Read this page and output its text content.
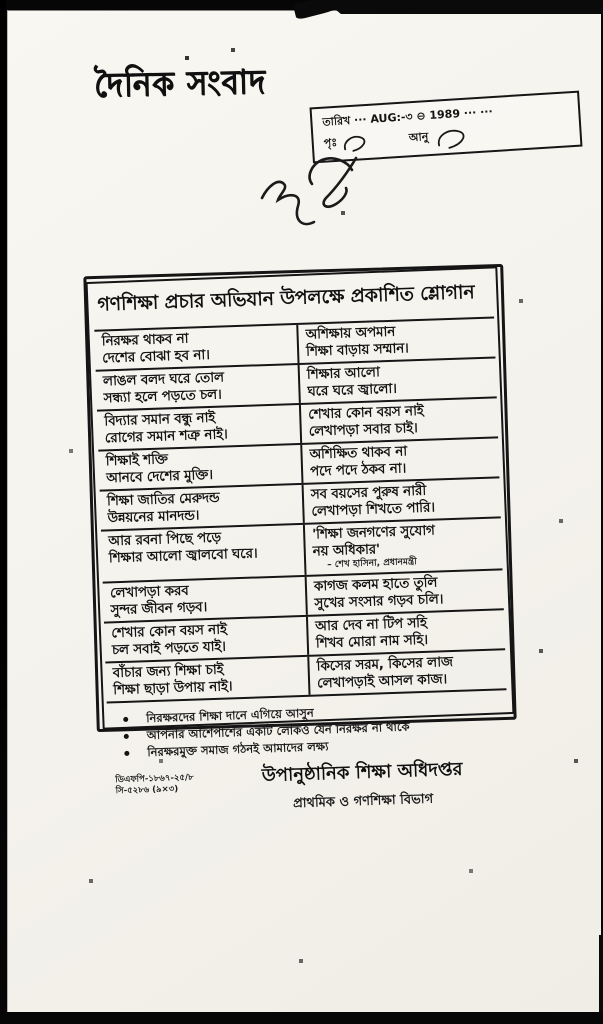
দৈনিক সংবাদ
তারিখ ··· AUG:-৩ ⊖ 1989 ··· ···
পৃঃ	আনু
গণশিক্ষা প্রচার অভিযান উপলক্ষে প্রকাশিত শ্লোগান
নিরক্ষর থাকব না
দেশের বোঝা হব না।
অশিক্ষায় অপমান
শিক্ষা বাড়ায় সম্মান।
লাঙল বলদ ঘরে তোল
সন্ধ্যা হলে পড়তে চল।
শিক্ষার আলো
ঘরে ঘরে জ্বালো।
বিদ্যার সমান বন্ধু নাই
রোগের সমান শত্রু নাই।
শেখার কোন বয়স নাই
লেখাপড়া সবার চাই।
শিক্ষাই শক্তি
আনবে দেশের মুক্তি।
অশিক্ষিত থাকব না
পদে পদে ঠকব না।
শিক্ষা জাতির মেরুদন্ড
উন্নয়নের মানদন্ড।
সব বয়সের পুরুষ নারী
লেখাপড়া শিখতে পারি।
আর রবনা পিছে পড়ে
শিক্ষার আলো জ্বালবো ঘরে।
'শিক্ষা জনগণের সুযোগ
নয় অধিকার'
– শেখ হাসিনা, প্রধানমন্ত্রী
লেখাপড়া করব
সুন্দর জীবন গড়ব।
কাগজ কলম হাতে তুলি
সুখের সংসার গড়ব চলি।
শেখার কোন বয়স নাই
চল সবাই পড়তে যাই।
আর দেব না টিপ সহি
শিখব মোরা নাম সহি।
বাঁচার জন্য শিক্ষা চাই
শিক্ষা ছাড়া উপায় নাই।
কিসের সরম, কিসের লাজ
লেখাপড়াই আসল কাজ।
নিরক্ষরদের শিক্ষা দানে এগিয়ে আসুন
আপনার আশেপাশের একটি লোকও যেন নিরক্ষর না থাকে
নিরক্ষরমুক্ত সমাজ গঠনই আমাদের লক্ষ্য
ডিএফপি-১৮৬৭-২৫/৮
সি-৫২৮৬ (৯×৩)
উপানুষ্ঠানিক শিক্ষা অধিদপ্তর
প্রাথমিক ও গণশিক্ষা বিভাগ
